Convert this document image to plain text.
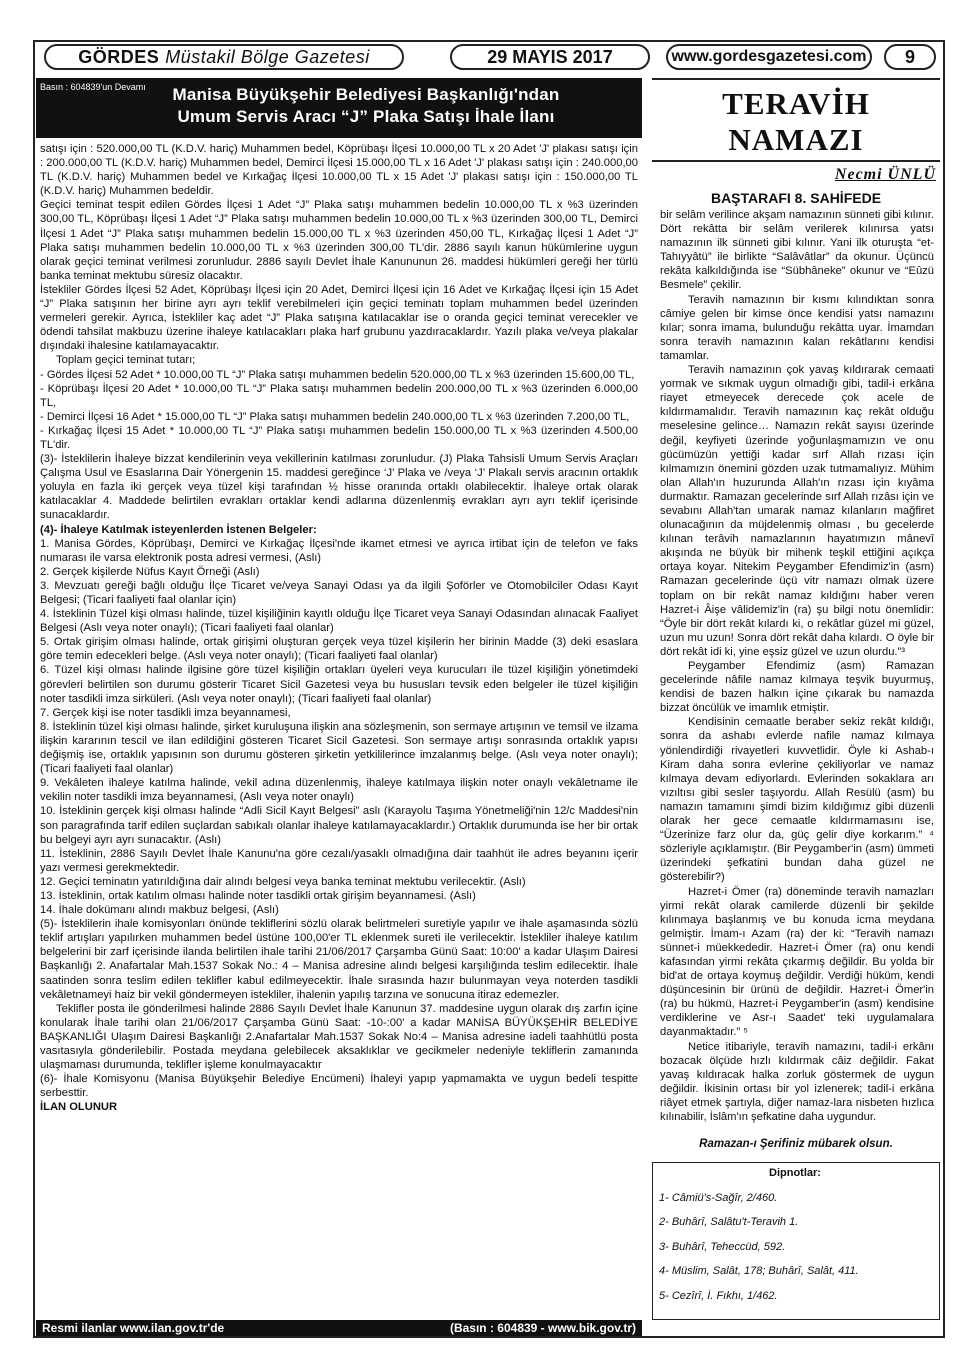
GÖRDES Müstakil Bölge Gazetesi	29 MAYIS 2017	www.gordesgazetesi.com	9
Basın : 604839'un Devamı	Manisa Büyükşehir Belediyesi Başkanlığı'ndan
Umum Servis Aracı “J” Plaka Satışı İhale İlanı

satışı için : 520.000,00 TL (K.D.V. hariç) Muhammen bedel, Köprübaşı İlçesi 10.000,00 TL x 20 Adet 'J' plakası satışı için : 200.000,00 TL (K.D.V. hariç) Muhammen bedel, Demirci İlçesi 15.000,00 TL x 16 Adet 'J' plakası satışı için : 240.000,00 TL (K.D.V. hariç) Muhammen bedel ve Kırkağaç İlçesi 10.000,00 TL x 15 Adet 'J' plakası satışı için : 150.000,00 TL (K.D.V. hariç) Muhammen bedeldir.

Geçici teminat tespit edilen Gördes İlçesi 1 Adet “J” Plaka satışı muhammen bedelin 10.000,00 TL x %3 üzerinden 300,00 TL, Köprübaşı İlçesi 1 Adet “J” Plaka satışı muhammen bedelin 10.000,00 TL x %3 üzerinden 300,00 TL, Demirci İlçesi 1 Adet “J” Plaka satışı muhammen bedelin 15.000,00 TL x %3 üzerinden 450,00 TL, Kırkağaç İlçesi 1 Adet “J” Plaka satışı muhammen bedelin 10.000,00 TL x %3 üzerinden 300,00 TL'dir. 2886 sayılı kanun hükümlerine uygun olarak geçici teminat verilmesi zorunludur. 2886 sayılı Devlet İhale Kanununun 26. maddesi hükümleri gereği her türlü banka teminat mektubu süresiz olacaktır.

İstekliler Gördes İlçesi 52 Adet, Köprübaşı İlçesi için 20 Adet, Demirci İlçesi için 16 Adet ve Kırkağaç İlçesi için 15 Adet “J” Plaka satışının her birine ayrı ayrı teklif verebilmeleri için geçici teminatı toplam muhammen bedel üzerinden vermeleri gerekir. Ayrıca, İstekliler kaç adet “J” Plaka satışına katılacaklar ise o oranda geçici teminat verecekler ve ödendi tahsilat makbuzu üzerine ihaleye katılacakları plaka harf grubunu yazdıracaklardır. Yazılı plaka ve/veya plakalar dışındaki ihalesine katılamayacaktır.

Toplam geçici teminat tutarı;

- Gördes İlçesi 52 Adet * 10.000,00 TL “J” Plaka satışı muhammen bedelin 520.000,00 TL x %3 üzerinden 15.600,00 TL,

- Köprübaşı İlçesi 20 Adet * 10.000,00 TL “J” Plaka satışı muhammen bedelin 200.000,00 TL x %3 üzerinden 6.000,00 TL,

- Demirci İlçesi 16 Adet * 15.000,00 TL “J” Plaka satışı muhammen bedelin 240.000,00 TL x %3 üzerinden 7.200,00 TL,

- Kırkağaç İlçesi 15 Adet * 10.000,00 TL “J” Plaka satışı muhammen bedelin 150.000,00 TL x %3 üzerinden 4.500,00 TL'dir.

(3)- İsteklilerin İhaleye bizzat kendilerinin veya vekillerinin katılması zorunludur. (J) Plaka Tahsisli Umum Servis Araçları Çalışma Usul ve Esaslarına Dair Yönergenin 15. maddesi gereğince ‘J’ Plaka ve /veya ‘J’ Plakalı servis aracının ortaklık yoluyla en fazla iki gerçek veya tüzel kişi tarafından ½ hisse oranında ortaklı olabilecektir. İhaleye ortak olarak katılacaklar 4. Maddede belirtilen evrakları ortaklar kendi adlarına düzenlenmiş evrakları ayrı ayrı teklif içerisinde sunacaklardır.

(4)- İhaleye Katılmak isteyenlerden İstenen Belgeler:

1. Manisa Gördes, Köprübaşı, Demirci ve Kırkağaç İlçesi'nde ikamet etmesi ve ayrıca irtibat için de telefon ve faks numarası ile varsa elektronik posta adresi vermesi, (Aslı)

2. Gerçek kişilerde Nüfus Kayıt Örneği (Aslı)

3. Mevzuatı gereği bağlı olduğu İlçe Ticaret ve/veya Sanayi Odası ya da ilgili Şoförler ve Otomobilciler Odası Kayıt Belgesi; (Ticari faaliyeti faal olanlar için)

4. İsteklinin Tüzel kişi olması halinde, tüzel kişiliğinin kayıtlı olduğu İlçe Ticaret veya Sanayi Odasından alınacak Faaliyet Belgesi (Aslı veya noter onaylı); (Ticari faaliyeti faal olanlar)

5. Ortak girişim olması halinde, ortak girişimi oluşturan gerçek veya tüzel kişilerin her birinin Madde (3) deki esaslara göre temin edecekleri belge. (Aslı veya noter onaylı); (Ticari faaliyeti faal olanlar)

6. Tüzel kişi olması halinde ilgisine göre tüzel kişiliğin ortakları üyeleri veya kurucuları ile tüzel kişiliğin yönetimdeki görevleri belirtilen son durumu gösterir Ticaret Sicil Gazetesi veya bu hususları tevsik eden belgeler ile tüzel kişiliğin noter tasdikli imza sirküleri. (Aslı veya noter onaylı); (Ticari faaliyeti faal olanlar)

7. Gerçek kişi ise noter tasdikli imza beyannamesi,

8. İsteklinin tüzel kişi olması halinde, şirket kuruluşuna ilişkin ana sözleşmenin, son sermaye artışının ve temsil ve ilzama ilişkin kararının tescil ve ilan edildiğini gösteren Ticaret Sicil Gazetesi. Son sermaye artışı sonrasında ortaklık yapısı değişmiş ise, ortaklık yapısının son durumu gösteren şirketin yetkililerince imzalanmış belge. (Aslı veya noter onaylı); (Ticari faaliyeti faal olanlar)

9. Vekâleten ihaleye katılma halinde, vekil adına düzenlenmiş, ihaleye katılmaya ilişkin noter onaylı vekâletname ile vekilin noter tasdikli imza beyannamesi, (Aslı veya noter onaylı)

10. İsteklinin gerçek kişi olması halinde “Adli Sicil Kayıt Belgesi” aslı (Karayolu Taşıma Yönetmeliği'nin 12/c Maddesi'nin son paragrafında tarif edilen suçlardan sabıkalı olanlar ihaleye katılamayacaklardır.) Ortaklık durumunda ise her bir ortak bu belgeyi ayrı ayrı sunacaktır. (Aslı)

11. İsteklinin, 2886 Sayılı Devlet İhale Kanunu'na göre cezalı/yasaklı olmadığına dair taahhüt ile adres beyanını içerir yazı vermesi gerekmektedir.

12. Geçici teminatın yatırıldığına dair alındı belgesi veya banka teminat mektubu verilecektir. (Aslı)

13. İsteklinin, ortak katılım olması halinde noter tasdikli ortak girişim beyannamesi. (Aslı)

14. İhale dokümanı alındı makbuz belgesi, (Aslı)

(5)- İsteklilerin ihale komisyonları önünde tekliflerini sözlü olarak belirtmeleri suretiyle yapılır ve ihale aşamasında sözlü teklif artışları yapılırken muhammen bedel üstüne 100,00'er TL eklenmek sureti ile verilecektir. İstekliler ihaleye katılım belgelerini bir zarf içerisinde ilanda belirtilen ihale tarihi 21/06/2017 Çarşamba Günü Saat: 10:00' a kadar Ulaşım Dairesi Başkanlığı 2. Anafartalar Mah.1537 Sokak No.: 4 – Manisa adresine alındı belgesi karşılığında teslim edilecektir. İhale saatinden sonra teslim edilen teklifler kabul edilmeyecektir. İhale sırasında hazır bulunmayan veya noterden tasdikli vekâletnameyi haiz bir vekil göndermeyen istekliler, ihalenin yapılış tarzına ve sonucuna itiraz edemezler.

Teklifler posta ile gönderilmesi halinde 2886 Sayılı Devlet İhale Kanunun 37. maddesine uygun olarak dış zarfın içine konularak İhale tarihi olan 21/06/2017 Çarşamba Günü Saat: -10-:00' a kadar MANİSA BÜYÜKŞEHİR BELEDİYE BAŞKANLIĞI Ulaşım Dairesi Başkanlığı 2.Anafartalar Mah.1537 Sokak No:4 – Manisa adresine iadeli taahhütlü posta vasıtasıyla gönderilebilir. Postada meydana gelebilecek aksaklıklar ve gecikmeler nedeniyle tekliflerin zamanında ulaşmaması durumunda, teklifler işleme konulmayacaktır

(6)- İhale Komisyonu (Manisa Büyükşehir Belediye Encümeni) İhaleyi yapıp yapmamakta ve uygun bedeli tespitte serbesttir.

İLAN OLUNUR

Resmi ilanlar www.ilan.gov.tr'de	(Basın : 604839 - www.bik.gov.tr)
TERAVİH NAMAZI
Necmi ÜNLÜ
BAŞTARAFI 8. SAHİFEDE

bir selâm verilince akşam namazının sünneti gibi kılınır. Dört rekâtta bir selâm verilerek kılınırsa yatsı namazının ilk sünneti gibi kılınır. Yani ilk oturuşta “et-Tahıyyâtü” ile birlikte “Salâvâtlar” da okunur. Üçüncü rekâta kalkıldığında ise “Sübhâneke” okunur ve “Eûzü Besmele” çekilir.

Teravih namazının bir kısmı kılındıktan sonra câmiye gelen bir kimse önce kendisi yatsı namazını kılar; sonra imama, bulunduğu rekâtta uyar. İmamdan sonra teravih namazının kalan rekâtlarını kendisi tamamlar.

Teravih namazının çok yavaş kıldırarak cemaati yormak ve sıkmak uygun olmadığı gibi, tadil-i erkâna riayet etmeyecek derecede çok acele de kıldırmamalıdır. Teravih namazının kaç rekât olduğu meselesine gelince… Namazın rekât sayısı üzerinde değil, keyfiyeti üzerinde yoğunlaşmamızın ve onu gücümüzün yettiği kadar sırf Allah rızası için kılmamızın önemini gözden uzak tutmamalıyız. Mühim olan Allah'ın huzurunda Allah'ın rızası için kıyâma durmaktır. Ramazan gecelerinde sırf Allah rızâsı için ve sevabını Allah'tan umarak namaz kılanların mağfiret olunacağının da müjdelenmiş olması , bu gecelerde kılınan terâvih namazlarının hayatımızın mânevî akışında ne büyük bir mihenk teşkil ettiğini açıkça ortaya koyar. Nitekim Peygamber Efendimiz'in (asm) Ramazan gecelerinde üçü vitr namazı olmak üzere toplam on bir rekât namaz kıldığını haber veren Hazret-i Âişe vâlidemiz'in (ra) şu bilgi notu önemlidir: “Öyle bir dört rekât kılardı ki, o rekâtlar güzel mi güzel, uzun mu uzun! Sonra dört rekât daha kılardı. O öyle bir dört rekât idi ki, yine eşsiz güzel ve uzun olurdu.”³

Peygamber Efendimiz (asm) Ramazan gecelerinde nâfile namaz kılmaya teşvik buyurmuş, kendisi de bazen halkın içine çıkarak bu namazda bizzat öncülük ve imamlık etmiştir.

Kendisinin cemaatle beraber sekiz rekât kıldığı, sonra da ashabı evlerde nafile namaz kılmaya yönlendirdiği rivayetleri kuvvetlidir. Öyle ki Ashab-ı Kiram daha sonra evlerine çekiliyorlar ve namaz kılmaya devam ediyorlardı. Evlerinden sokaklara arı vızıltısı gibi sesler taşıyordu. Allah Resülü (asm) bu namazın tamamını şimdi bizim kıldığımız gibi düzenli olarak her gece cemaatle kıldırmamasını ise, “Üzerinize farz olur da, güç gelir diye korkarım.” ⁴ sözleriyle açıklamıştır. (Bir Peygamber'in (asm) ümmeti üzerindeki şefkatini bundan daha güzel ne gösterebilir?)

Hazret-i Ömer (ra) döneminde teravih namazları yirmi rekât olarak camilerde düzenli bir şekilde kılınmaya başlanmış ve bu konuda icma meydana gelmiştir. İmam-ı Azam (ra) der ki: “Teravih namazı sünnet-i müekkededir. Hazret-i Ömer (ra) onu kendi kafasından yirmi rekâta çıkarmış değildir. Bu yolda bir bid'at de ortaya koymuş değildir. Verdiği hüküm, kendi düşüncesinin bir ürünü de değildir. Hazret-i Ömer'in (ra) bu hükmü, Hazret-i Peygamber'in (asm) kendisine verdiklerine ve Asr-ı Saadet' teki uygulamalara dayanmaktadır.” ⁵

Netice itibariyle, teravih namazını, tadil-i erkânı bozacak ölçüde hızlı kıldırmak câiz değildir. Fakat yavaş kıldıracak halka zorluk göstermek de uygun değildir. İkisinin ortası bir yol izlenerek; tadil-i erkâna riâyet etmek şartıyla, diğer namaz-lara nisbeten hızlıca kılınabilir, İslâm'ın şefkatine daha uygundur.

Ramazan-ı Şerifiniz mübarek olsun.
Dipnotlar:

1- Câmiü's-Sağîr, 2/460.

2- Buhârî, Salâtu't-Teravih 1.

3- Buhârî, Teheccüd, 592.

4- Müslim, Salât, 178; Buhârî, Salât, 411.

5- Cezîrî, İ. Fıkhı, 1/462.
